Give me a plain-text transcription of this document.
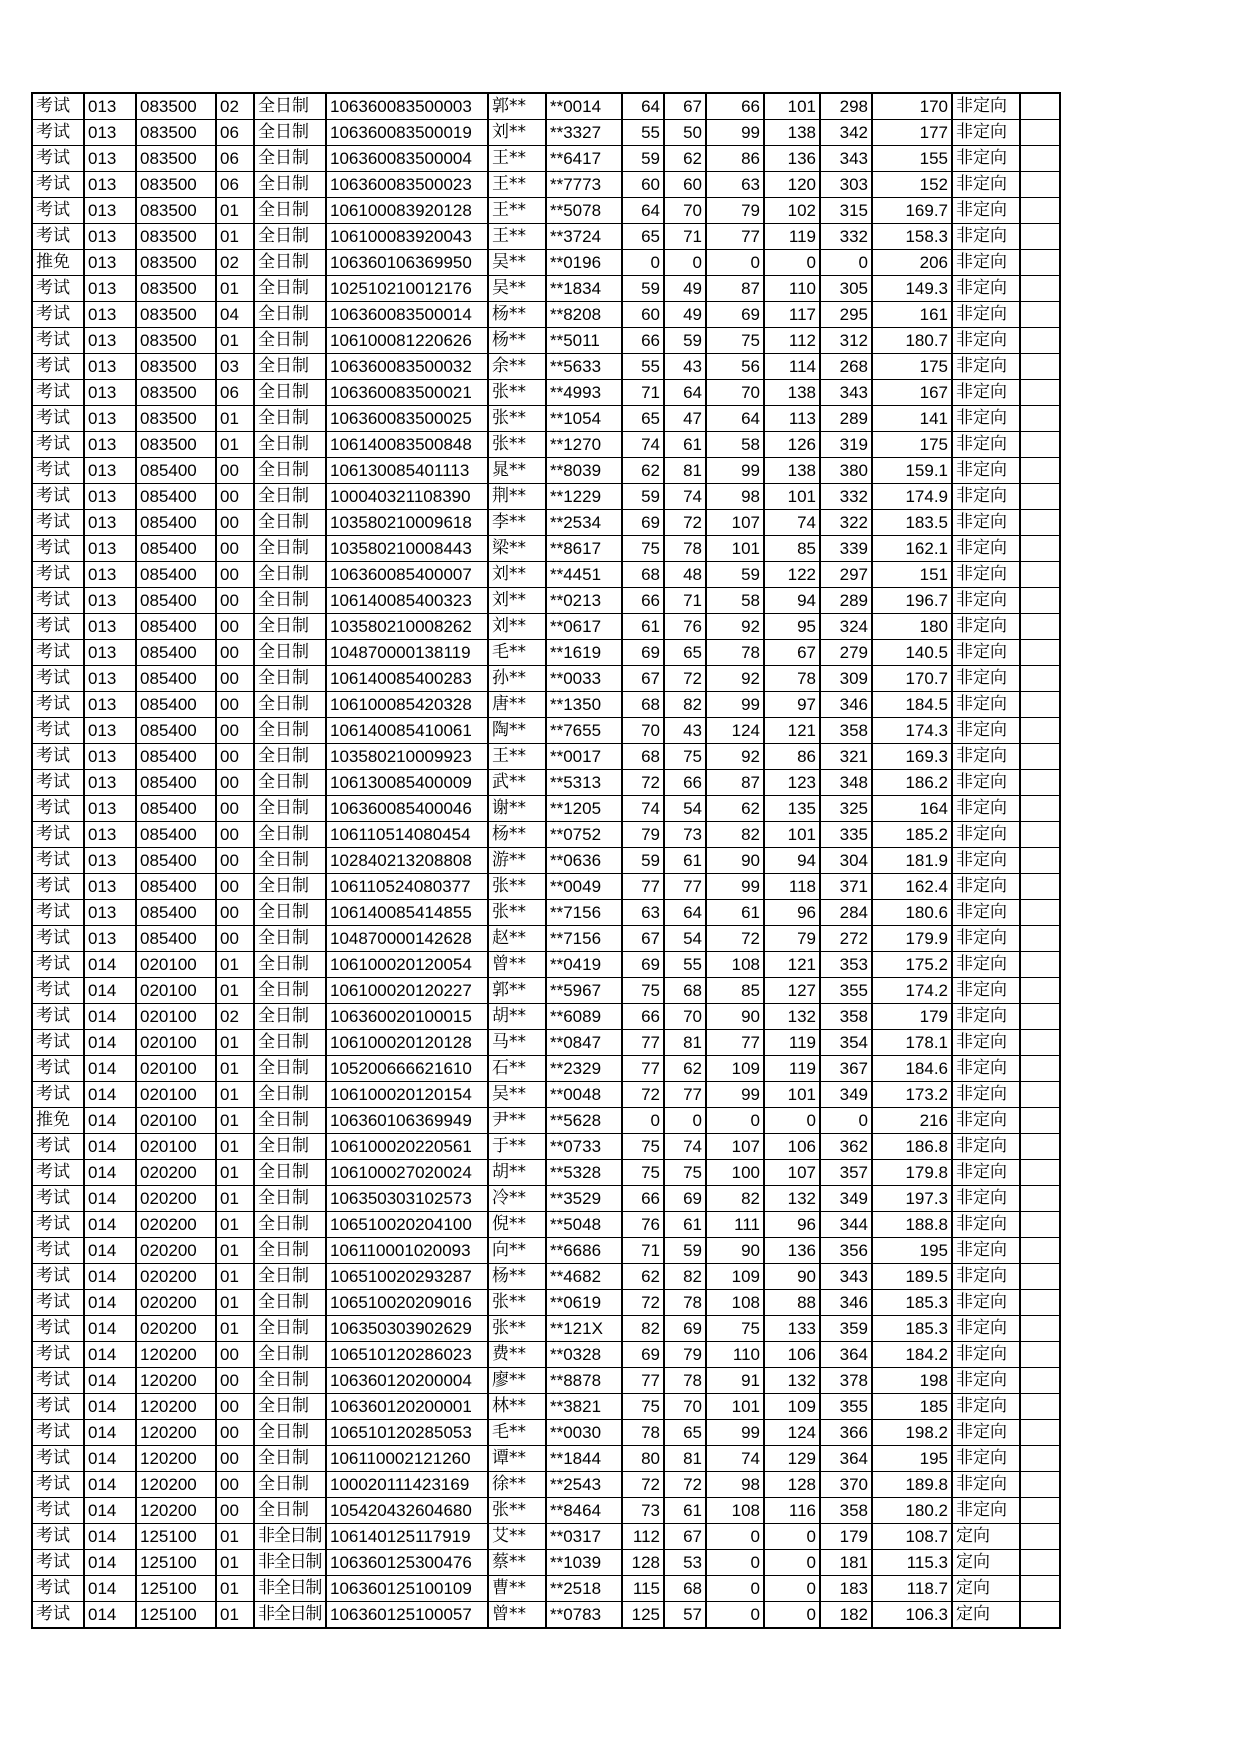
考试	013	083500	02	全日制	106360083500003	郭**	**0014	64	67	66	101	298	170	非定向	
考试	013	083500	06	全日制	106360083500019	刘**	**3327	55	50	99	138	342	177	非定向	
考试	013	083500	06	全日制	106360083500004	王**	**6417	59	62	86	136	343	155	非定向	
考试	013	083500	06	全日制	106360083500023	王**	**7773	60	60	63	120	303	152	非定向	
考试	013	083500	01	全日制	106100083920128	王**	**5078	64	70	79	102	315	169.7	非定向	
考试	013	083500	01	全日制	106100083920043	王**	**3724	65	71	77	119	332	158.3	非定向	
推免	013	083500	02	全日制	106360106369950	吴**	**0196	0	0	0	0	0	206	非定向	
考试	013	083500	01	全日制	102510210012176	吴**	**1834	59	49	87	110	305	149.3	非定向	
考试	013	083500	04	全日制	106360083500014	杨**	**8208	60	49	69	117	295	161	非定向	
考试	013	083500	01	全日制	106100081220626	杨**	**5011	66	59	75	112	312	180.7	非定向	
考试	013	083500	03	全日制	106360083500032	余**	**5633	55	43	56	114	268	175	非定向	
考试	013	083500	06	全日制	106360083500021	张**	**4993	71	64	70	138	343	167	非定向	
考试	013	083500	01	全日制	106360083500025	张**	**1054	65	47	64	113	289	141	非定向	
考试	013	083500	01	全日制	106140083500848	张**	**1270	74	61	58	126	319	175	非定向	
考试	013	085400	00	全日制	106130085401113	晁**	**8039	62	81	99	138	380	159.1	非定向	
考试	013	085400	00	全日制	100040321108390	荆**	**1229	59	74	98	101	332	174.9	非定向	
考试	013	085400	00	全日制	103580210009618	李**	**2534	69	72	107	74	322	183.5	非定向	
考试	013	085400	00	全日制	103580210008443	梁**	**8617	75	78	101	85	339	162.1	非定向	
考试	013	085400	00	全日制	106360085400007	刘**	**4451	68	48	59	122	297	151	非定向	
考试	013	085400	00	全日制	106140085400323	刘**	**0213	66	71	58	94	289	196.7	非定向	
考试	013	085400	00	全日制	103580210008262	刘**	**0617	61	76	92	95	324	180	非定向	
考试	013	085400	00	全日制	104870000138119	毛**	**1619	69	65	78	67	279	140.5	非定向	
考试	013	085400	00	全日制	106140085400283	孙**	**0033	67	72	92	78	309	170.7	非定向	
考试	013	085400	00	全日制	106100085420328	唐**	**1350	68	82	99	97	346	184.5	非定向	
考试	013	085400	00	全日制	106140085410061	陶**	**7655	70	43	124	121	358	174.3	非定向	
考试	013	085400	00	全日制	103580210009923	王**	**0017	68	75	92	86	321	169.3	非定向	
考试	013	085400	00	全日制	106130085400009	武**	**5313	72	66	87	123	348	186.2	非定向	
考试	013	085400	00	全日制	106360085400046	谢**	**1205	74	54	62	135	325	164	非定向	
考试	013	085400	00	全日制	106110514080454	杨**	**0752	79	73	82	101	335	185.2	非定向	
考试	013	085400	00	全日制	102840213208808	游**	**0636	59	61	90	94	304	181.9	非定向	
考试	013	085400	00	全日制	106110524080377	张**	**0049	77	77	99	118	371	162.4	非定向	
考试	013	085400	00	全日制	106140085414855	张**	**7156	63	64	61	96	284	180.6	非定向	
考试	013	085400	00	全日制	104870000142628	赵**	**7156	67	54	72	79	272	179.9	非定向	
考试	014	020100	01	全日制	106100020120054	曾**	**0419	69	55	108	121	353	175.2	非定向	
考试	014	020100	01	全日制	106100020120227	郭**	**5967	75	68	85	127	355	174.2	非定向	
考试	014	020100	02	全日制	106360020100015	胡**	**6089	66	70	90	132	358	179	非定向	
考试	014	020100	01	全日制	106100020120128	马**	**0847	77	81	77	119	354	178.1	非定向	
考试	014	020100	01	全日制	105200666621610	石**	**2329	77	62	109	119	367	184.6	非定向	
考试	014	020100	01	全日制	106100020120154	吴**	**0048	72	77	99	101	349	173.2	非定向	
推免	014	020100	01	全日制	106360106369949	尹**	**5628	0	0	0	0	0	216	非定向	
考试	014	020100	01	全日制	106100020220561	于**	**0733	75	74	107	106	362	186.8	非定向	
考试	014	020200	01	全日制	106100027020024	胡**	**5328	75	75	100	107	357	179.8	非定向	
考试	014	020200	01	全日制	106350303102573	冷**	**3529	66	69	82	132	349	197.3	非定向	
考试	014	020200	01	全日制	106510020204100	倪**	**5048	76	61	111	96	344	188.8	非定向	
考试	014	020200	01	全日制	106110001020093	向**	**6686	71	59	90	136	356	195	非定向	
考试	014	020200	01	全日制	106510020293287	杨**	**4682	62	82	109	90	343	189.5	非定向	
考试	014	020200	01	全日制	106510020209016	张**	**0619	72	78	108	88	346	185.3	非定向	
考试	014	020200	01	全日制	106350303902629	张**	**121X	82	69	75	133	359	185.3	非定向	
考试	014	120200	00	全日制	106510120286023	费**	**0328	69	79	110	106	364	184.2	非定向	
考试	014	120200	00	全日制	106360120200004	廖**	**8878	77	78	91	132	378	198	非定向	
考试	014	120200	00	全日制	106360120200001	林**	**3821	75	70	101	109	355	185	非定向	
考试	014	120200	00	全日制	106510120285053	毛**	**0030	78	65	99	124	366	198.2	非定向	
考试	014	120200	00	全日制	106110002121260	谭**	**1844	80	81	74	129	364	195	非定向	
考试	014	120200	00	全日制	100020111423169	徐**	**2543	72	72	98	128	370	189.8	非定向	
考试	014	120200	00	全日制	105420432604680	张**	**8464	73	61	108	116	358	180.2	非定向	
考试	014	125100	01	非全日制	106140125117919	艾**	**0317	112	67	0	0	179	108.7	定向	
考试	014	125100	01	非全日制	106360125300476	蔡**	**1039	128	53	0	0	181	115.3	定向	
考试	014	125100	01	非全日制	106360125100109	曹**	**2518	115	68	0	0	183	118.7	定向	
考试	014	125100	01	非全日制	106360125100057	曾**	**0783	125	57	0	0	182	106.3	定向	
